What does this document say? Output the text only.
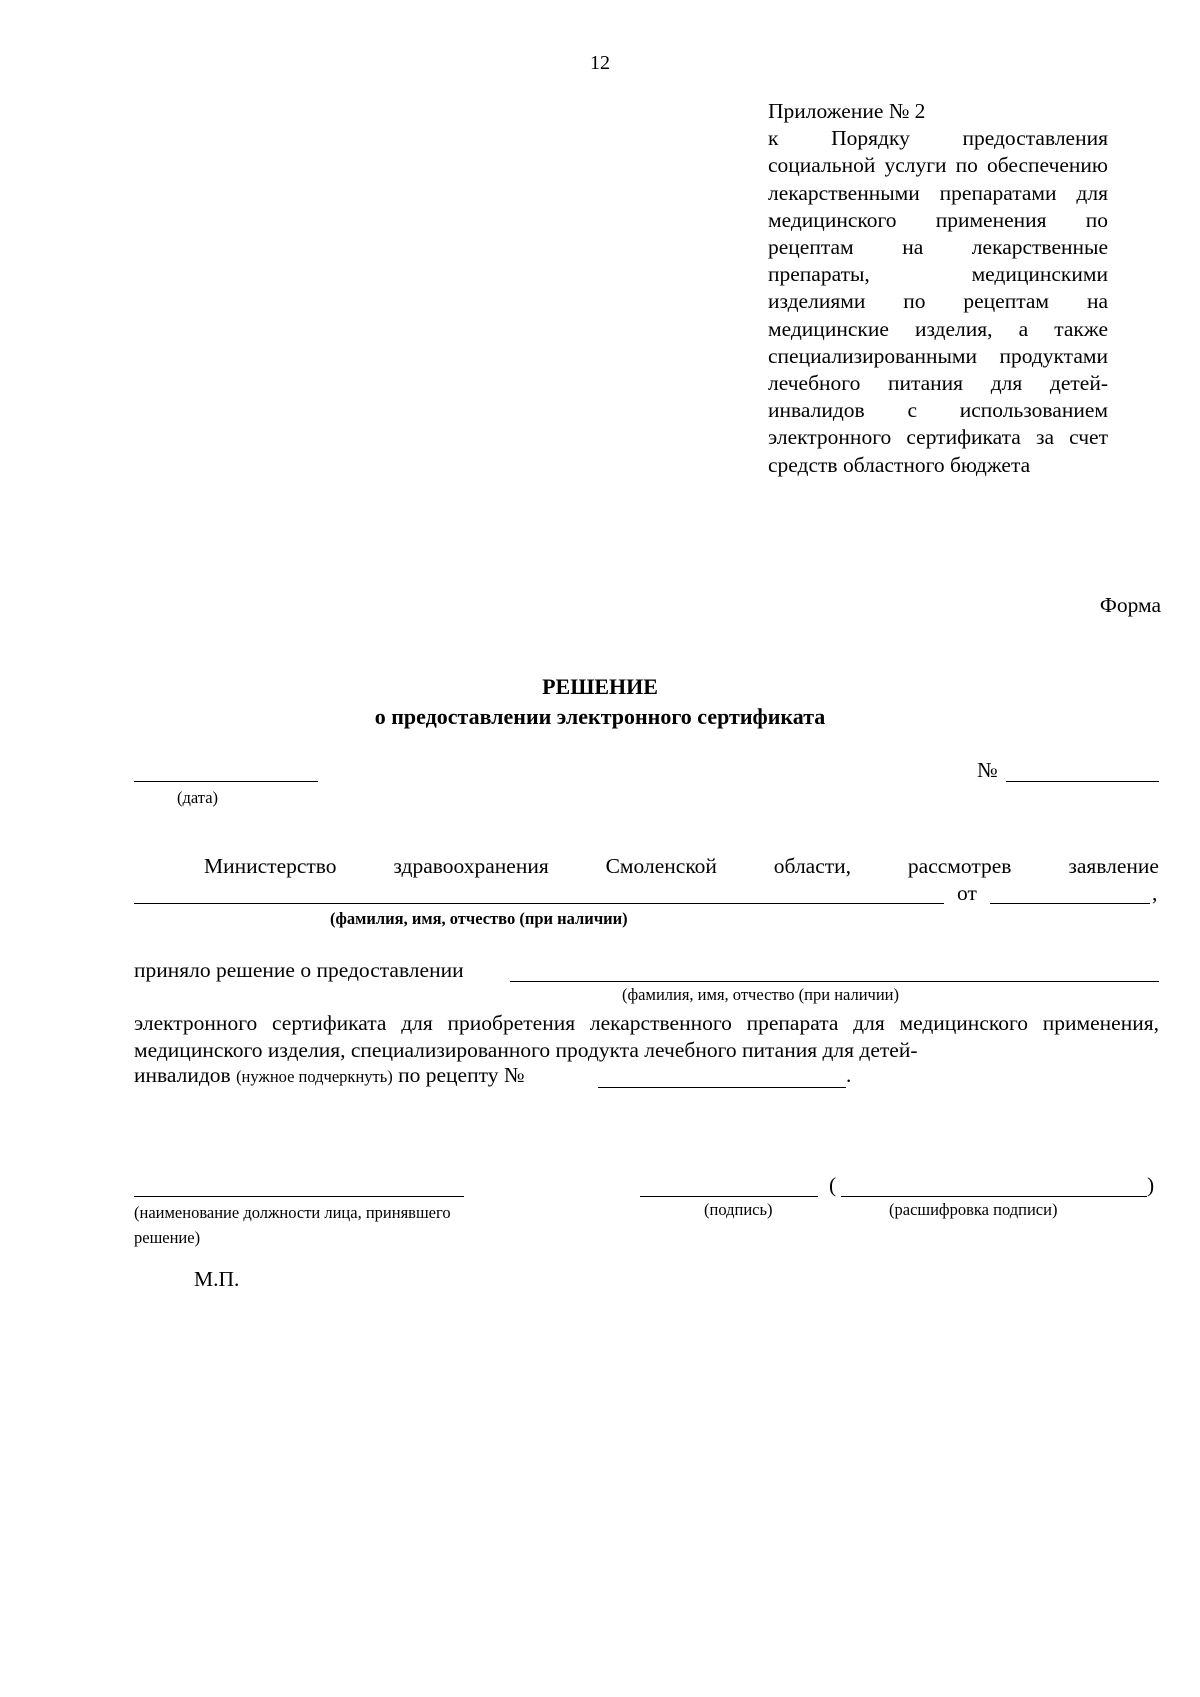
12
Приложение № 2
к Порядку предоставления социальной услуги по обеспечению лекарственными препаратами для медицинского применения по рецептам на лекарственные препараты, медицинскими изделиями по рецептам на медицинские изделия, а также специализированными продуктами лечебного питания для детей-инвалидов с использованием электронного сертификата за счет средств областного бюджета
Форма
РЕШЕНИЕ
о предоставлении электронного сертификата
(дата)
№
Министерство	здравоохранения	Смоленской	области,	рассмотрев	заявление
от	,
(фамилия, имя, отчество (при наличии)
приняло решение о предоставлении
(фамилия, имя, отчество (при наличии)
электронного сертификата для приобретения лекарственного препарата для медицинского применения, медицинского изделия, специализированного продукта лечебного питания для детей-
инвалидов (нужное подчеркнуть) по рецепту №	.
(наименование должности лица, принявшего решение)
(подпись)
(	)
(расшифровка подписи)
М.П.
